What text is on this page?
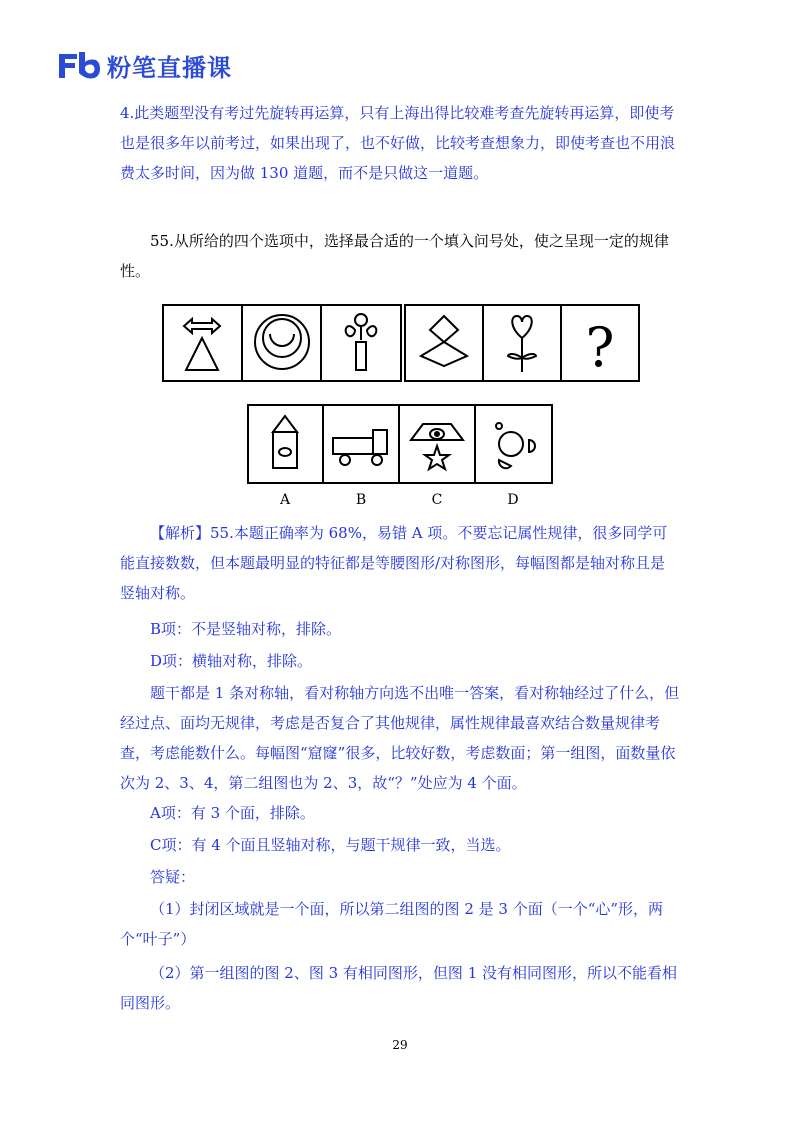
粉笔直播课

4.此类题型没有考过先旋转再运算，只有上海出得比较难考查先旋转再运算，即使考也是很多年以前考过，如果出现了，也不好做，比较考查想象力，即使考查也不用浪费太多时间，因为做 130 道题，而不是只做这一道题。

55.从所给的四个选项中，选择最合适的一个填入问号处，使之呈现一定的规律性。

?
A	B	C	D

【解析】55.本题正确率为 68%，易错 A 项。不要忘记属性规律，很多同学可能直接数数，但本题最明显的特征都是等腰图形/对称图形，每幅图都是轴对称且是竖轴对称。

B项：不是竖轴对称，排除。

D项：横轴对称，排除。

题干都是 1 条对称轴，看对称轴方向选不出唯一答案，看对称轴经过了什么，但经过点、面均无规律，考虑是否复合了其他规律，属性规律最喜欢结合数量规律考查，考虑能数什么。每幅图“窟窿”很多，比较好数，考虑数面；第一组图，面数量依次为 2、3、4，第二组图也为 2、3，故“？”处应为 4 个面。

A项：有 3 个面，排除。

C项：有 4 个面且竖轴对称，与题干规律一致，当选。

答疑：

（1）封闭区域就是一个面，所以第二组图的图 2 是 3 个面（一个“心”形，两个“叶子”）

（2）第一组图的图 2、图 3 有相同图形，但图 1 没有相同图形，所以不能看相同图形。

29
